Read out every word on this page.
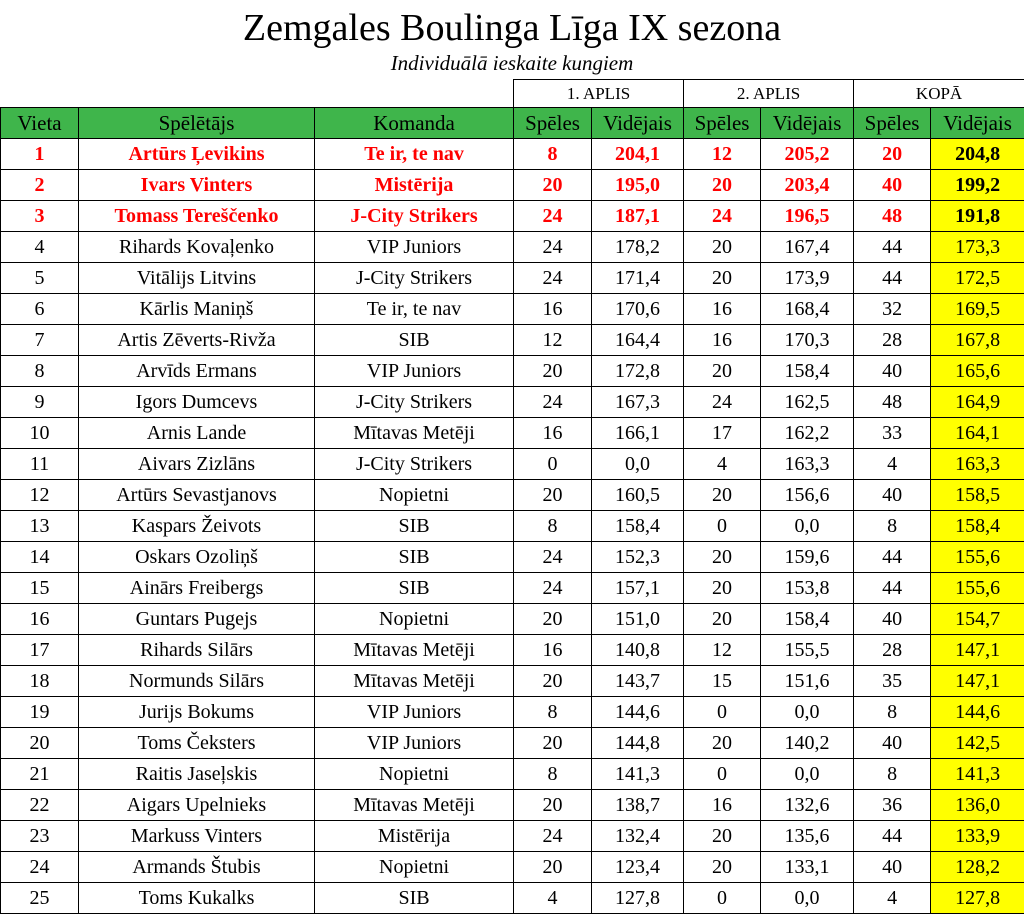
Zemgales Boulinga Līga IX sezona
Individuālā ieskaite kungiem
			1. APLIS		2. APLIS		KOPĀ	
Vieta	Spēlētājs	Komanda	Spēles	Vidējais	Spēles	Vidējais	Spēles	Vidējais
1	Artūrs Ļevikins	Te ir, te nav	8	204,1	12	205,2	20	204,8
2	Ivars Vinters	Mistērija	20	195,0	20	203,4	40	199,2
3	Tomass Tereščenko	J-City Strikers	24	187,1	24	196,5	48	191,8
4	Rihards Kovaļenko	VIP Juniors	24	178,2	20	167,4	44	173,3
5	Vitālijs Litvins	J-City Strikers	24	171,4	20	173,9	44	172,5
6	Kārlis Maniņš	Te ir, te nav	16	170,6	16	168,4	32	169,5
7	Artis Zēverts-Rivža	SIB	12	164,4	16	170,3	28	167,8
8	Arvīds Ermans	VIP Juniors	20	172,8	20	158,4	40	165,6
9	Igors Dumcevs	J-City Strikers	24	167,3	24	162,5	48	164,9
10	Arnis Lande	Mītavas Metēji	16	166,1	17	162,2	33	164,1
11	Aivars Zizlāns	J-City Strikers	0	0,0	4	163,3	4	163,3
12	Artūrs Sevastjanovs	Nopietni	20	160,5	20	156,6	40	158,5
13	Kaspars Žeivots	SIB	8	158,4	0	0,0	8	158,4
14	Oskars Ozoliņš	SIB	24	152,3	20	159,6	44	155,6
15	Ainārs Freibergs	SIB	24	157,1	20	153,8	44	155,6
16	Guntars Pugejs	Nopietni	20	151,0	20	158,4	40	154,7
17	Rihards Silārs	Mītavas Metēji	16	140,8	12	155,5	28	147,1
18	Normunds Silārs	Mītavas Metēji	20	143,7	15	151,6	35	147,1
19	Jurijs Bokums	VIP Juniors	8	144,6	0	0,0	8	144,6
20	Toms Čeksters	VIP Juniors	20	144,8	20	140,2	40	142,5
21	Raitis Jaseļskis	Nopietni	8	141,3	0	0,0	8	141,3
22	Aigars Upelnieks	Mītavas Metēji	20	138,7	16	132,6	36	136,0
23	Markuss Vinters	Mistērija	24	132,4	20	135,6	44	133,9
24	Armands Štubis	Nopietni	20	123,4	20	133,1	40	128,2
25	Toms Kukalks	SIB	4	127,8	0	0,0	4	127,8
